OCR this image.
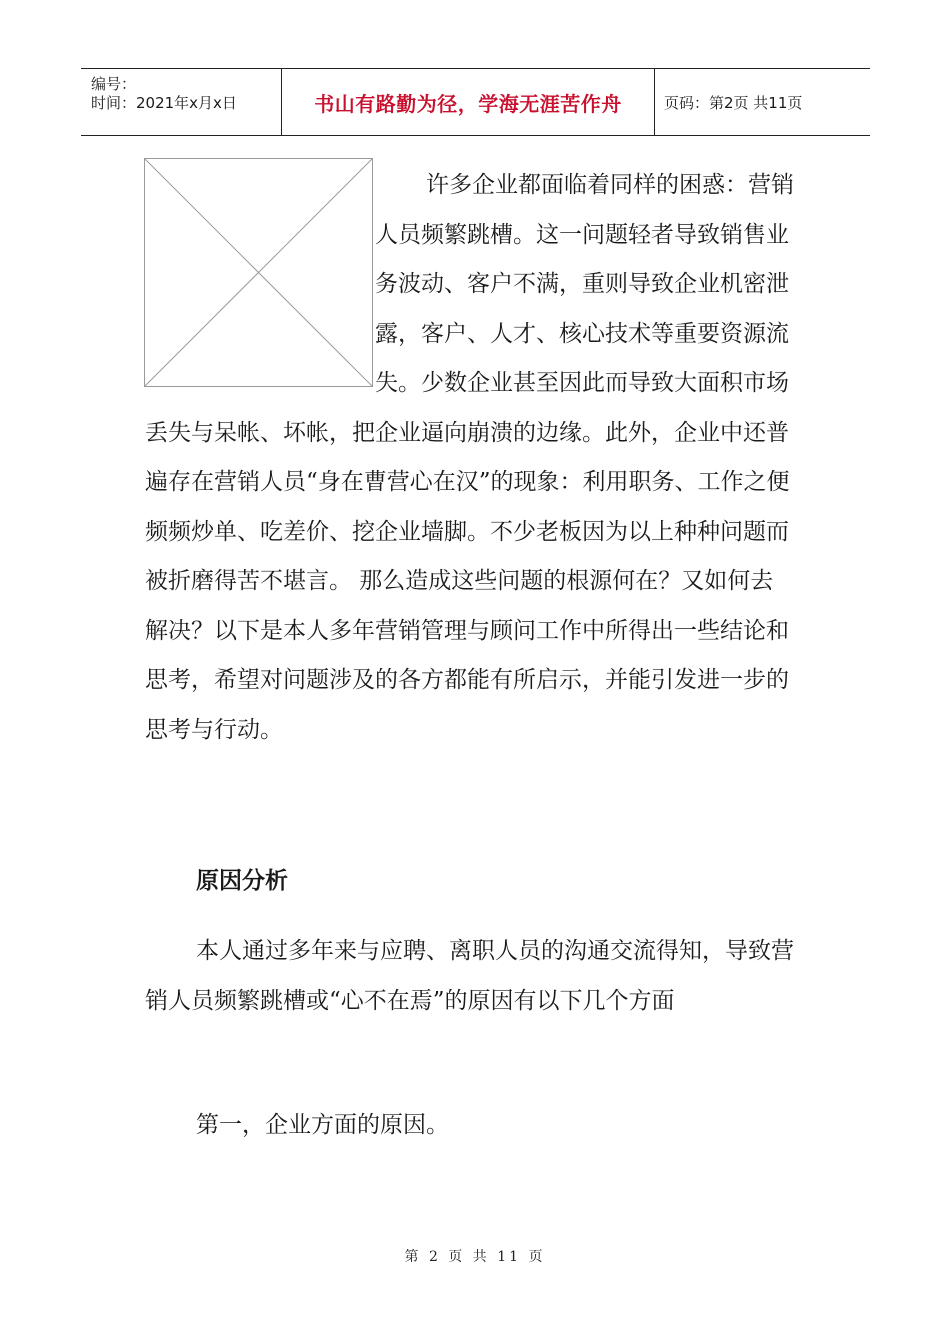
编号：
时间：2021年x月x日	书山有路勤为径，学海无涯苦作舟	页码：第2页 共11页
许多企业都面临着同样的困惑：营销人员频繁跳槽。这一问题轻者导致销售业务波动、客户不满，重则导致企业机密泄露，客户、人才、核心技术等重要资源流失。少数企业甚至因此而导致大面积市场丢失与呆帐、坏帐，把企业逼向崩溃的边缘。此外，企业中还普遍存在营销人员“身在曹营心在汉”的现象：利用职务、工作之便频频炒单、吃差价、挖企业墙脚。不少老板因为以上种种问题而被折磨得苦不堪言。 那么造成这些问题的根源何在？又如何去解决？以下是本人多年营销管理与顾问工作中所得出一些结论和思考，希望对问题涉及的各方都能有所启示，并能引发进一步的思考与行动。
原因分析

本人通过多年来与应聘、离职人员的沟通交流得知，导致营销人员频繁跳槽或“心不在焉”的原因有以下几个方面

第一，企业方面的原因。

第 2 页 共 11 页
